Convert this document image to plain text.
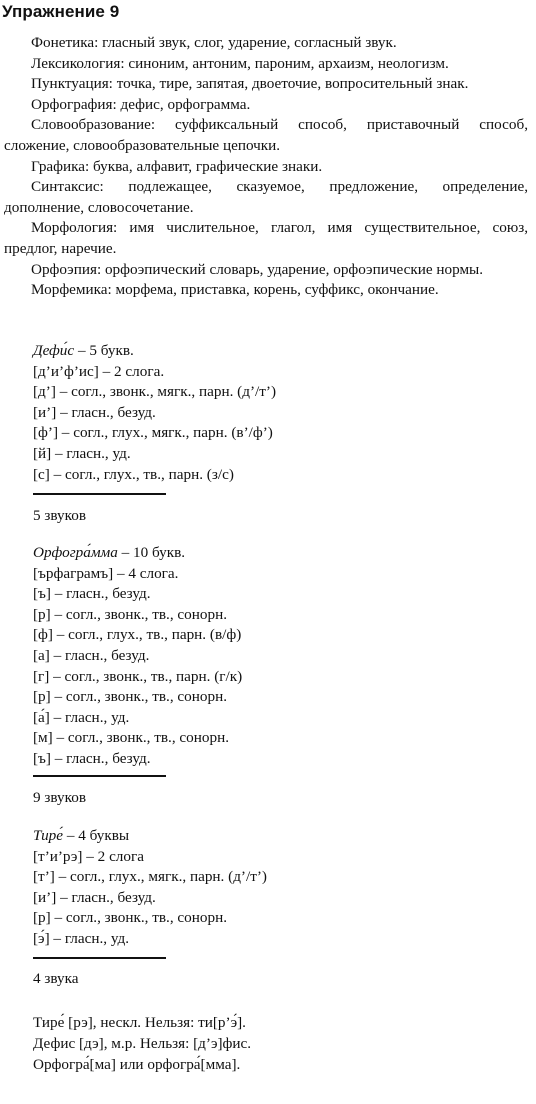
Упражнение 9

Фонетика: гласный звук, слог, ударение, согласный звук.

Лексикология: синоним, антоним, пароним, архаизм, неологизм.

Пунктуация: точка, тире, запятая, двоеточие, вопросительный знак.

Орфография: дефис, орфограмма.

Словообразование: суффиксальный способ, приставочный способ, сложение, словообразовательные цепочки.

Графика: буква, алфавит, графические знаки.

Синтаксис: подлежащее, сказуемое, предложение, определение, дополнение, словосочетание.

Морфология: имя числительное, глагол, имя существительное, союз, предлог, наречие.

Орфоэпия: орфоэпический словарь, ударение, орфоэпические нормы.

Морфемика: морфема, приставка, корень, суффикс, окончание.

Дефи́с – 5 букв.
[д’и’ф’ис] – 2 слога.
[д’] – согл., звонк., мягк., парн. (д’/т’)
[и’] – гласн., безуд.
[ф’] – согл., глух., мягк., парн. (в’/ф’)
[й] – гласн., уд.
[с] – согл., глух., тв., парн. (з/с)
5 звуков
Орфогра́мма – 10 букв.
[ърфаграмъ] – 4 слога.
[ъ] – гласн., безуд.
[р] – согл., звонк., тв., сонорн.
[ф] – согл., глух., тв., парн. (в/ф)
[а] – гласн., безуд.
[г] – согл., звонк., тв., парн. (г/к)
[р] – согл., звонк., тв., сонорн.
[а́] – гласн., уд.
[м] – согл., звонк., тв., сонорн.
[ъ] – гласн., безуд.
9 звуков
Тире́ – 4 буквы
[т’и’рэ] – 2 слога
[т’] – согл., глух., мягк., парн. (д’/т’)
[и’] – гласн., безуд.
[р] – согл., звонк., тв., сонорн.
[э́] – гласн., уд.
4 звука
Тире́ [рэ], нескл. Нельзя: ти[р’э́].
Дефис [дэ], м.р. Нельзя: [д’э]фис.
Орфогра́[ма] или орфогра́[мма].
